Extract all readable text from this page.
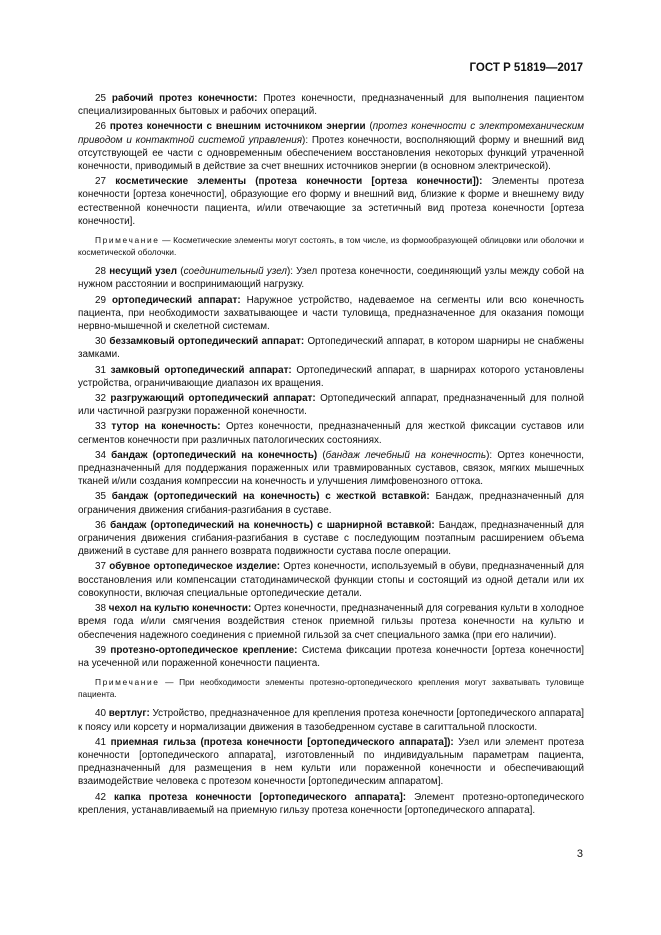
ГОСТ Р 51819—2017

25 рабочий протез конечности: Протез конечности, предназначенный для выполнения пациентом специализированных бытовых и рабочих операций.

26 протез конечности с внешним источником энергии (протез конечности с электромеханическим приводом и контактной системой управления): Протез конечности, восполняющий форму и внешний вид отсутствующей ее части с одновременным обеспечением восстановления некоторых функций утраченной конечности, приводимый в действие за счет внешних источников энергии (в основном электрической).

27 косметические элементы (протеза конечности [ортеза конечности]): Элементы протеза конечности [ортеза конечности], образующие его форму и внешний вид, близкие к форме и внешнему виду естественной конечности пациента, и/или отвечающие за эстетичный вид протеза конечности [ортеза конечности].

Примечание — Косметические элементы могут состоять, в том числе, из формообразующей облицовки или оболочки и косметической оболочки.

28 несущий узел (соединительный узел): Узел протеза конечности, соединяющий узлы между собой на нужном расстоянии и воспринимающий нагрузку.

29 ортопедический аппарат: Наружное устройство, надеваемое на сегменты или всю конечность пациента, при необходимости захватывающее и части туловища, предназначенное для оказания помощи нервно-мышечной и скелетной системам.

30 беззамковый ортопедический аппарат: Ортопедический аппарат, в котором шарниры не снабжены замками.

31 замковый ортопедический аппарат: Ортопедический аппарат, в шарнирах которого установлены устройства, ограничивающие диапазон их вращения.

32 разгружающий ортопедический аппарат: Ортопедический аппарат, предназначенный для полной или частичной разгрузки пораженной конечности.

33 тутор на конечность: Ортез конечности, предназначенный для жесткой фиксации суставов или сегментов конечности при различных патологических состояниях.

34 бандаж (ортопедический на конечность) (бандаж лечебный на конечность): Ортез конечности, предназначенный для поддержания пораженных или травмированных суставов, связок, мягких мышечных тканей и/или создания компрессии на конечность и улучшения лимфовенозного оттока.

35 бандаж (ортопедический на конечность) с жесткой вставкой: Бандаж, предназначенный для ограничения движения сгибания-разгибания в суставе.

36 бандаж (ортопедический на конечность) с шарнирной вставкой: Бандаж, предназначенный для ограничения движения сгибания-разгибания в суставе с последующим поэтапным расширением объема движений в суставе для раннего возврата подвижности сустава после операции.

37 обувное ортопедическое изделие: Ортез конечности, используемый в обуви, предназначенный для восстановления или компенсации статодинамической функции стопы и состоящий из одной детали или их совокупности, включая специальные ортопедические детали.

38 чехол на культю конечности: Ортез конечности, предназначенный для согревания культи в холодное время года и/или смягчения воздействия стенок приемной гильзы протеза конечности на культю и обеспечения надежного соединения с приемной гильзой за счет специального замка (при его наличии).

39 протезно-ортопедическое крепление: Система фиксации протеза конечности [ортеза конечности] на усеченной или пораженной конечности пациента.

Примечание — При необходимости элементы протезно-ортопедического крепления могут захватывать туловище пациента.

40 вертлуг: Устройство, предназначенное для крепления протеза конечности [ортопедического аппарата] к поясу или корсету и нормализации движения в тазобедренном суставе в сагиттальной плоскости.

41 приемная гильза (протеза конечности [ортопедического аппарата]): Узел или элемент протеза конечности [ортопедического аппарата], изготовленный по индивидуальным параметрам пациента, предназначенный для размещения в нем культи или пораженной конечности и обеспечивающий взаимодействие человека с протезом конечности [ортопедическим аппаратом].

42 капка протеза конечности [ортопедического аппарата]: Элемент протезно-ортопедического крепления, устанавливаемый на приемную гильзу протеза конечности [ортопедического аппарата].

3
